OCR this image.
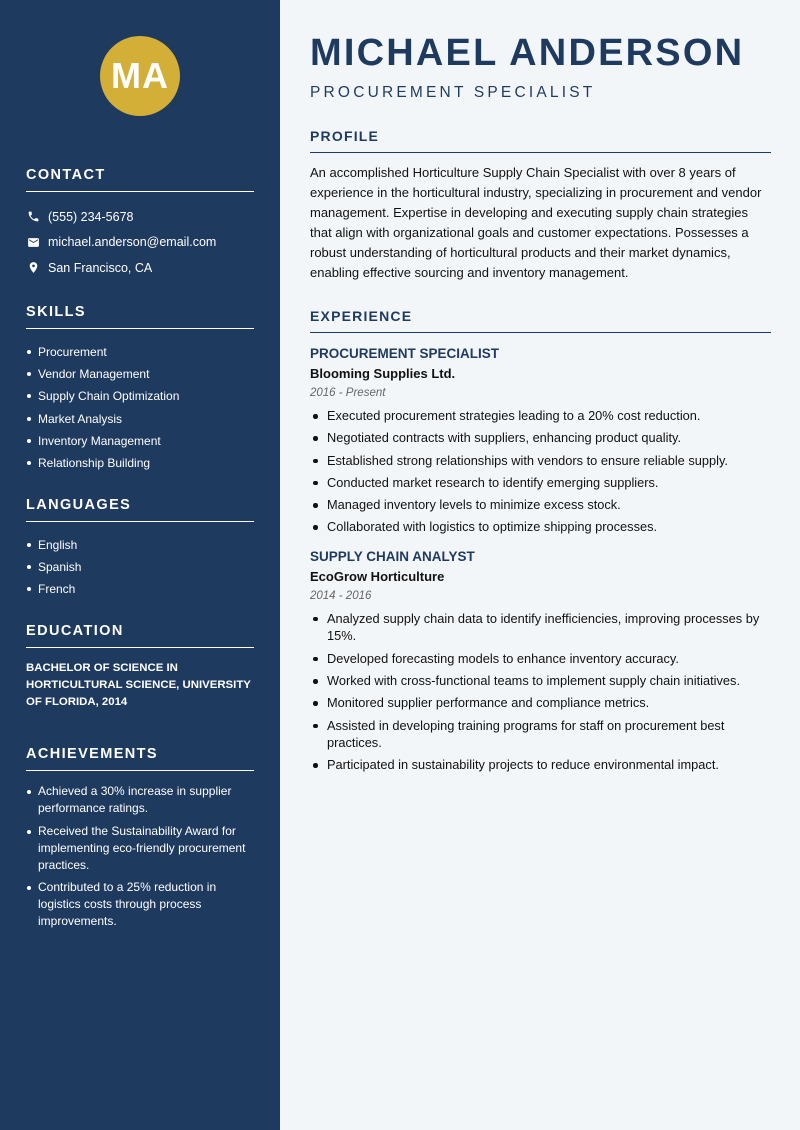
MA
CONTACT
(555) 234-5678
michael.anderson@email.com
San Francisco, CA
SKILLS
Procurement
Vendor Management
Supply Chain Optimization
Market Analysis
Inventory Management
Relationship Building
LANGUAGES
English
Spanish
French
EDUCATION
BACHELOR OF SCIENCE IN HORTICULTURAL SCIENCE, UNIVERSITY OF FLORIDA, 2014
ACHIEVEMENTS
Achieved a 30% increase in supplier performance ratings.
Received the Sustainability Award for implementing eco-friendly procurement practices.
Contributed to a 25% reduction in logistics costs through process improvements.
MICHAEL ANDERSON
PROCUREMENT SPECIALIST
PROFILE

An accomplished Horticulture Supply Chain Specialist with over 8 years of experience in the horticultural industry, specializing in procurement and vendor management. Expertise in developing and executing supply chain strategies that align with organizational goals and customer expectations. Possesses a robust understanding of horticultural products and their market dynamics, enabling effective sourcing and inventory management.

EXPERIENCE
PROCUREMENT SPECIALIST
Blooming Supplies Ltd.
2016 - Present
Executed procurement strategies leading to a 20% cost reduction.
Negotiated contracts with suppliers, enhancing product quality.
Established strong relationships with vendors to ensure reliable supply.
Conducted market research to identify emerging suppliers.
Managed inventory levels to minimize excess stock.
Collaborated with logistics to optimize shipping processes.
SUPPLY CHAIN ANALYST
EcoGrow Horticulture
2014 - 2016
Analyzed supply chain data to identify inefficiencies, improving processes by 15%.
Developed forecasting models to enhance inventory accuracy.
Worked with cross-functional teams to implement supply chain initiatives.
Monitored supplier performance and compliance metrics.
Assisted in developing training programs for staff on procurement best practices.
Participated in sustainability projects to reduce environmental impact.
